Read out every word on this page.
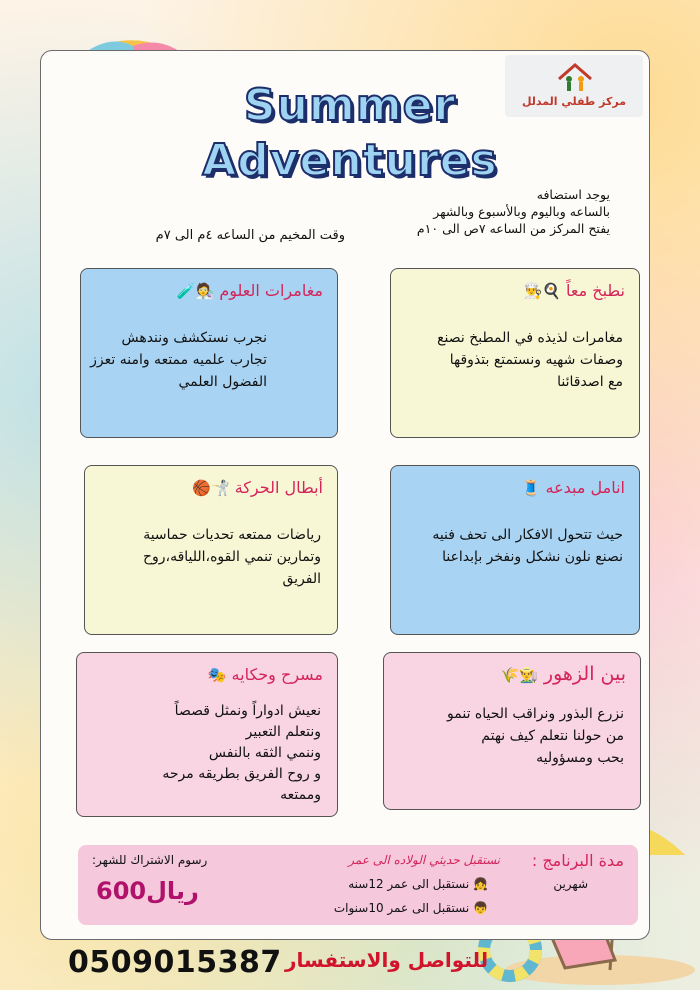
مركز طفلي المدلل
Summer
Adventures
يوجد استضافه
بالساعه وباليوم وبالأسبوع وبالشهر
يفتح المركز من الساعه ٧ص الى ١٠م
وقت المخيم من الساعه ٤م الى ٧م
نطبخ معاً 🍳👨‍🍳
مغامرات لذيذه في المطبخ نصنع
وصفات شهيه ونستمتع بتذوقها
مع اصدقائنا
مغامرات العلوم 🧑‍🔬🧪
نجرب نستكشف ونندهش
تجارب علميه ممتعه وامنه تعزز
الفضول العلمي
انامل مبدعه 🧵
حيث تتحول الافكار الى تحف فنيه
نصنع نلون نشكل ونفخر بإبداعنا
أبطال الحركة 🤺🏀
رياضات ممتعه تحديات حماسية
وتمارين تنمي القوه،اللياقه،روح
الفريق
بين الزهور 👨‍🌾🌾
نزرع البذور ونراقب الحياه تنمو
من حولنا نتعلم كيف نهتم
بحب ومسؤوليه
مسرح وحكايه 🎭
نعيش ادواراً ونمثل قصصاً
ونتعلم التعبير
وننمي الثقه بالنفس
و روح الفريق بطريقه مرحه
وممتعه
مدة البرنامج :
شهرين
نستقبل حديثي الولاده الى عمر
👧 نستقبل الى عمر 12سنه
👦 نستقبل الى عمر 10سنوات
رسوم الاشتراك للشهر:
ريال600
للتواصل والاستفسار
0509015387
